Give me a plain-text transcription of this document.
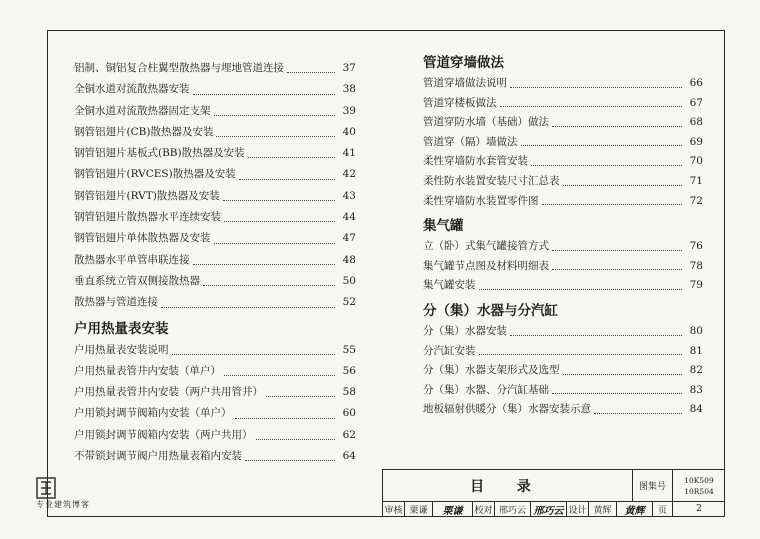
铝制、铜铝复合柱翼型散热器与埋地管道连接	37
全铜水道对流散热器安装	38
全铜水道对流散热器固定支架	39
钢管铝翅片(CB)散热器及安装	40
钢管铝翅片基板式(BB)散热器及安装	41
钢管铝翅片(RVCES)散热器及安装	42
钢管铝翅片(RVT)散热器及安装	43
钢管铝翅片散热器水平连续安装	44
钢管铝翅片单体散热器及安装	47
散热器水平单管串联连接	48
垂直系统立管双侧接散热器	50
散热器与管道连接	52
户用热量表安装
户用热量表安装说明	55
户用热量表管井内安装（单户）	56
户用热量表管井内安装（两户共用管井）	58
户用锁封调节阀箱内安装（单户）	60
户用锁封调节阀箱内安装（两户共用）	62
不带锁封调节阀户用热量表箱内安装	64
管道穿墙做法
管道穿墙做法说明	66
管道穿楼板做法	67
管道穿防水墙（基础）做法	68
管道穿（隔）墙做法	69
柔性穿墙防水套管安装	70
柔性防水装置安装尺寸汇总表	71
柔性穿墙防水装置零件图	72
集气罐
立（卧）式集气罐接管方式	76
集气罐节点图及材料明细表	78
集气罐安装	79
分（集）水器与分汽缸
分（集）水器安装	80
分汽缸安装	81
分（集）水器支架形式及选型	82
分（集）水器、分汽缸基础	83
地板辐射供暖分（集）水器安装示意	84
目 录	图集号
10K509
10R504
审核 栗谦 栗谦 校对 邢巧云 邢巧云 设计 黄辉 黄辉 页	2
专业建筑博客
